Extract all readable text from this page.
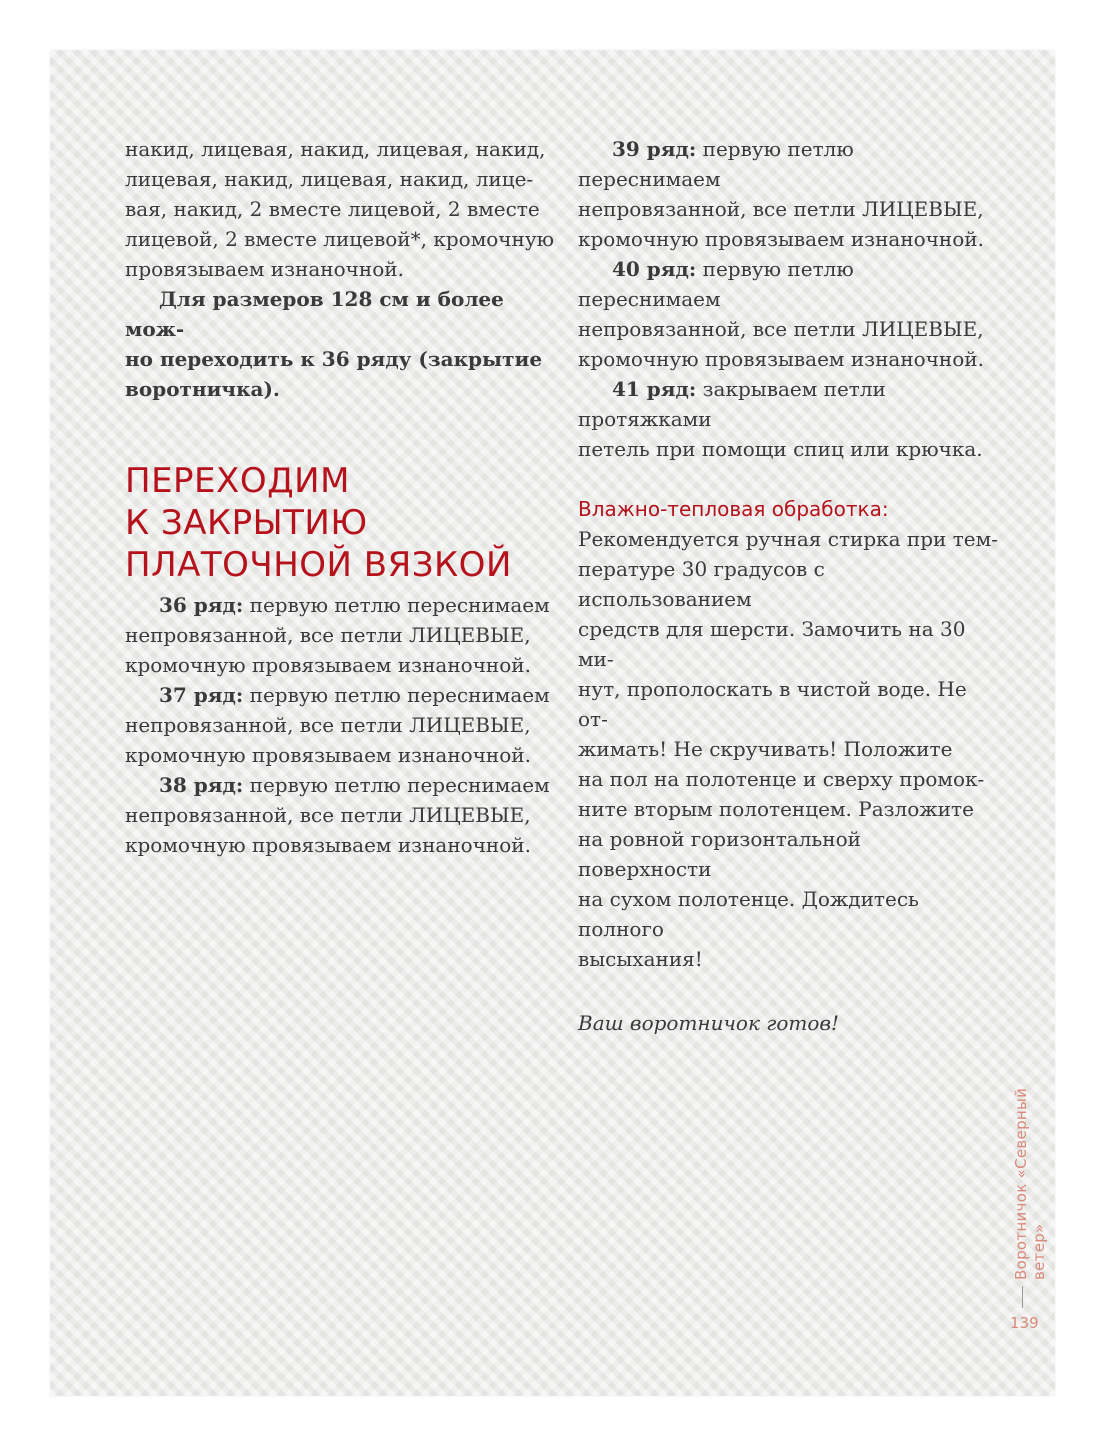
накид, лицевая, накид, лицевая, накид,
лицевая, накид, лицевая, накид, лице-
вая, накид, 2 вместе лицевой, 2 вместе
лицевой, 2 вместе лицевой*, кромочную
провязываем изнаночной.
Для размеров 128 см и более мож-
но переходить к 36 ряду (закрытие
воротничка).
ПЕРЕХОДИМ
К ЗАКРЫТИЮ
ПЛАТОЧНОЙ ВЯЗКОЙ
36 ряд: первую петлю переснимаем
непровязанной, все петли ЛИЦЕВЫЕ,
кромочную провязываем изнаночной.
37 ряд: первую петлю переснимаем
непровязанной, все петли ЛИЦЕВЫЕ,
кромочную провязываем изнаночной.
38 ряд: первую петлю переснимаем
непровязанной, все петли ЛИЦЕВЫЕ,
кромочную провязываем изнаночной.
39 ряд: первую петлю переснимаем
непровязанной, все петли ЛИЦЕВЫЕ,
кромочную провязываем изнаночной.
40 ряд: первую петлю переснимаем
непровязанной, все петли ЛИЦЕВЫЕ,
кромочную провязываем изнаночной.
41 ряд: закрываем петли протяжками
петель при помощи спиц или крючка.
Влажно-тепловая обработка:
Рекомендуется ручная стирка при тем-
пературе 30 градусов с использованием
средств для шерсти. Замочить на 30 ми-
нут, прополоскать в чистой воде. Не от-
жимать! Не скручивать! Положите
на пол на полотенце и сверху промок-
ните вторым полотенцем. Разложите
на ровной горизонтальной поверхности
на сухом полотенце. Дождитесь полного
высыхания!
Ваш воротничок готов!
Воротничок «Северный ветер»
139
